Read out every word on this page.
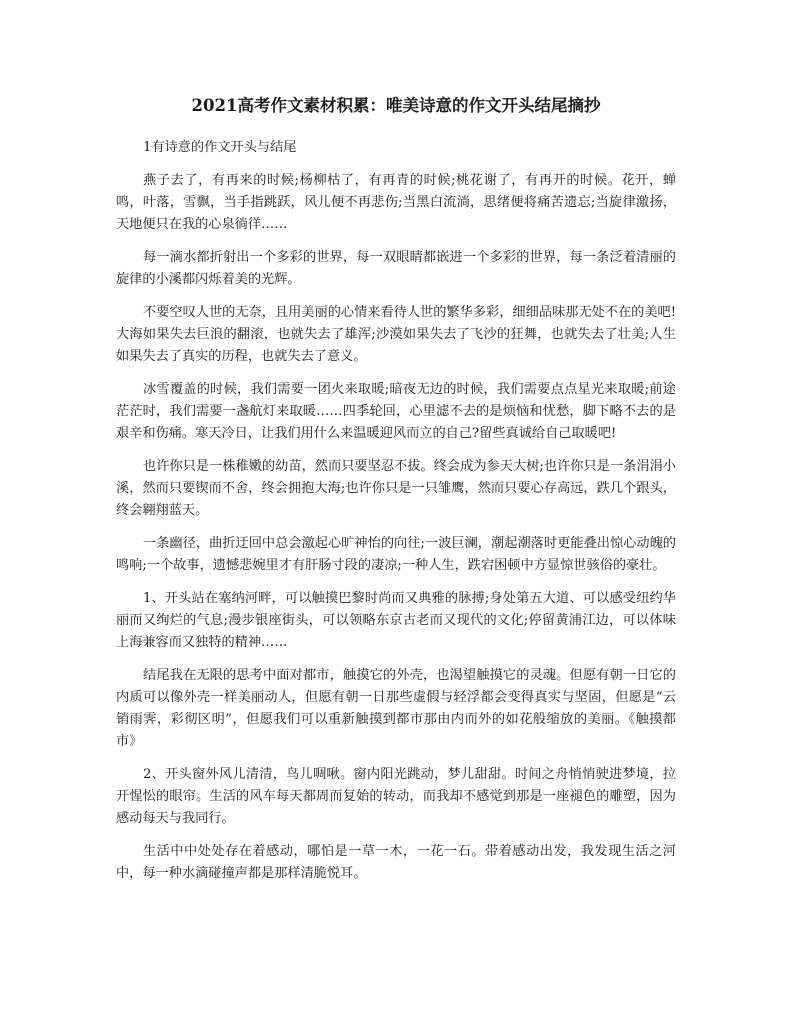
2021高考作文素材积累：唯美诗意的作文开头结尾摘抄

1有诗意的作文开头与结尾

燕子去了，有再来的时候;杨柳枯了，有再青的时候;桃花谢了，有再开的时候。花开，蝉鸣，叶落，雪飘，当手指跳跃，风儿便不再悲伤;当黑白流淌，思绪便将痛苦遗忘;当旋律激扬，天地便只在我的心泉徜徉……

每一滴水都折射出一个多彩的世界，每一双眼睛都嵌进一个多彩的世界，每一条泛着清丽的旋律的小溪都闪烁着美的光辉。

不要空叹人世的无奈，且用美丽的心情来看待人世的繁华多彩，细细品味那无处不在的美吧!大海如果失去巨浪的翻滚，也就失去了雄浑;沙漠如果失去了飞沙的狂舞，也就失去了壮美;人生如果失去了真实的历程，也就失去了意义。

冰雪覆盖的时候，我们需要一团火来取暖;暗夜无边的时候，我们需要点点星光来取暖;前途茫茫时，我们需要一盏航灯来取暖……四季轮回，心里滤不去的是烦恼和忧愁，脚下略不去的是艰辛和伤痛。寒天冷日，让我们用什么来温暖迎风而立的自己?留些真诚给自己取暖吧!

也许你只是一株稚嫩的幼苗，然而只要坚忍不拔。终会成为参天大树;也许你只是一条涓涓小溪，然而只要锲而不舍，终会拥抱大海;也许你只是一只雏鹰，然而只要心存高远，跌几个跟头，终会翱翔蓝天。

一条幽径，曲折迂回中总会激起心旷神怡的向往;一波巨澜，潮起潮落时更能叠出惊心动魄的鸣响;一个故事，遗憾悲婉里才有肝肠寸段的凄凉;一种人生，跌宕困顿中方显惊世骇俗的豪壮。

1、开头站在塞纳河畔，可以触摸巴黎时尚而又典雅的脉搏;身处第五大道、可以感受纽约华丽而又绚烂的气息;漫步银座街头，可以领略东京古老而又现代的文化;停留黄浦江边，可以体味上海兼容而又独特的精神……

结尾我在无限的思考中面对都市，触摸它的外壳，也渴望触摸它的灵魂。但愿有朝一日它的内质可以像外壳一样美丽动人，但愿有朝一日那些虚假与轻浮都会变得真实与坚固，但愿是“云销雨霁，彩彻区明”，但愿我们可以重新触摸到都市那由内而外的如花般缩放的美丽。《触摸都市》

2、开头窗外风儿清清，鸟儿啁啾。窗内阳光跳动，梦儿甜甜。时间之舟悄悄驶进梦境，拉开惺忪的眼帘。生活的风车每天都周而复始的转动，而我却不感觉到那是一座褪色的雕塑，因为感动每天与我同行。

生活中中处处存在着感动，哪怕是一草一木，一花一石。带着感动出发，我发现生活之河中，每一种水滴碰撞声都是那样清脆悦耳。
